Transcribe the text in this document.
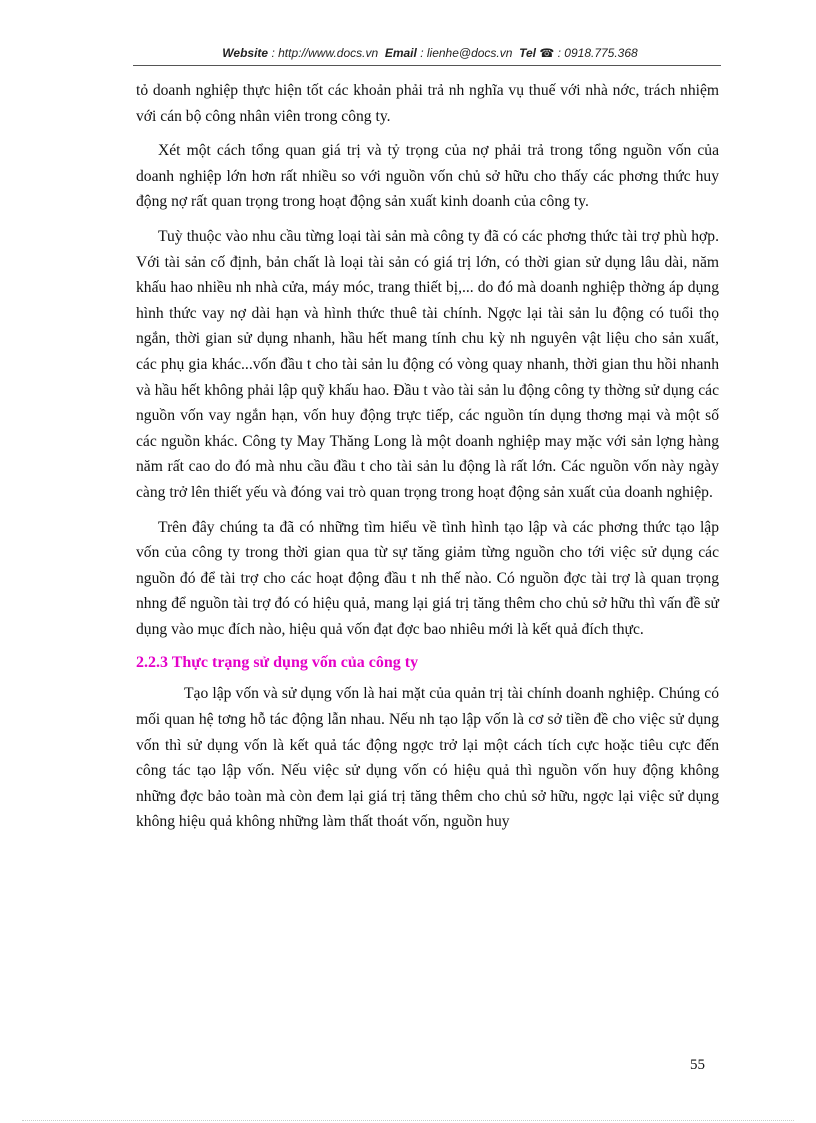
Website : http://www.docs.vn Email : lienhe@docs.vn Tel ☎ : 0918.775.368

tỏ doanh nghiệp thực hiện tốt các khoản phải trả nh nghĩa vụ thuế với nhà nớc, trách nhiệm với cán bộ công nhân viên trong công ty.

Xét một cách tổng quan giá trị và tỷ trọng của nợ phải trả trong tổng nguồn vốn của doanh nghiệp lớn hơn rất nhiều so với nguồn vốn chủ sở hữu cho thấy các phơng thức huy động nợ rất quan trọng trong hoạt động sản xuất kinh doanh của công ty.

Tuỳ thuộc vào nhu cầu từng loại tài sản mà công ty đã có các phơng thức tài trợ phù hợp. Với tài sản cố định, bản chất là loại tài sản có giá trị lớn, có thời gian sử dụng lâu dài, năm khấu hao nhiều nh nhà cửa, máy móc, trang thiết bị,... do đó mà doanh nghiệp thờng áp dụng hình thức vay nợ dài hạn và hình thức thuê tài chính. Ngợc lại tài sản lu động có tuổi thọ ngắn, thời gian sử dụng nhanh, hầu hết mang tính chu kỳ nh nguyên vật liệu cho sản xuất, các phụ gia khác...vốn đầu t cho tài sản lu động có vòng quay nhanh, thời gian thu hồi nhanh và hầu hết không phải lập quỹ khấu hao. Đầu t vào tài sản lu động công ty thờng sử dụng các nguồn vốn vay ngắn hạn, vốn huy động trực tiếp, các nguồn tín dụng thơng mại và một số các nguồn khác. Công ty May Thăng Long là một doanh nghiệp may mặc với sản lợng hàng năm rất cao do đó mà nhu cầu đầu t cho tài sản lu động là rất lớn. Các nguồn vốn này ngày càng trở lên thiết yếu và đóng vai trò quan trọng trong hoạt động sản xuất của doanh nghiệp.

Trên đây chúng ta đã có những tìm hiểu về tình hình tạo lập và các phơng thức tạo lập vốn của công ty trong thời gian qua từ sự tăng giảm từng nguồn cho tới việc sử dụng các nguồn đó để tài trợ cho các hoạt động đầu t nh thế nào. Có nguồn đợc tài trợ là quan trọng nhng để nguồn tài trợ đó có hiệu quả, mang lại giá trị tăng thêm cho chủ sở hữu thì vấn đề sử dụng vào mục đích nào, hiệu quả vốn đạt đợc bao nhiêu mới là kết quả đích thực.

2.2.3 Thực trạng sử dụng vốn của công ty

Tạo lập vốn và sử dụng vốn là hai mặt của quản trị tài chính doanh nghiệp. Chúng có mối quan hệ tơng hỗ tác động lẫn nhau. Nếu nh tạo lập vốn là cơ sở tiền đề cho việc sử dụng vốn thì sử dụng vốn là kết quả tác động ngợc trở lại một cách tích cực hoặc tiêu cực đến công tác tạo lập vốn. Nếu việc sử dụng vốn có hiệu quả thì nguồn vốn huy động không những đợc bảo toàn mà còn đem lại giá trị tăng thêm cho chủ sở hữu, ngợc lại việc sử dụng không hiệu quả không những làm thất thoát vốn, nguồn huy

55
